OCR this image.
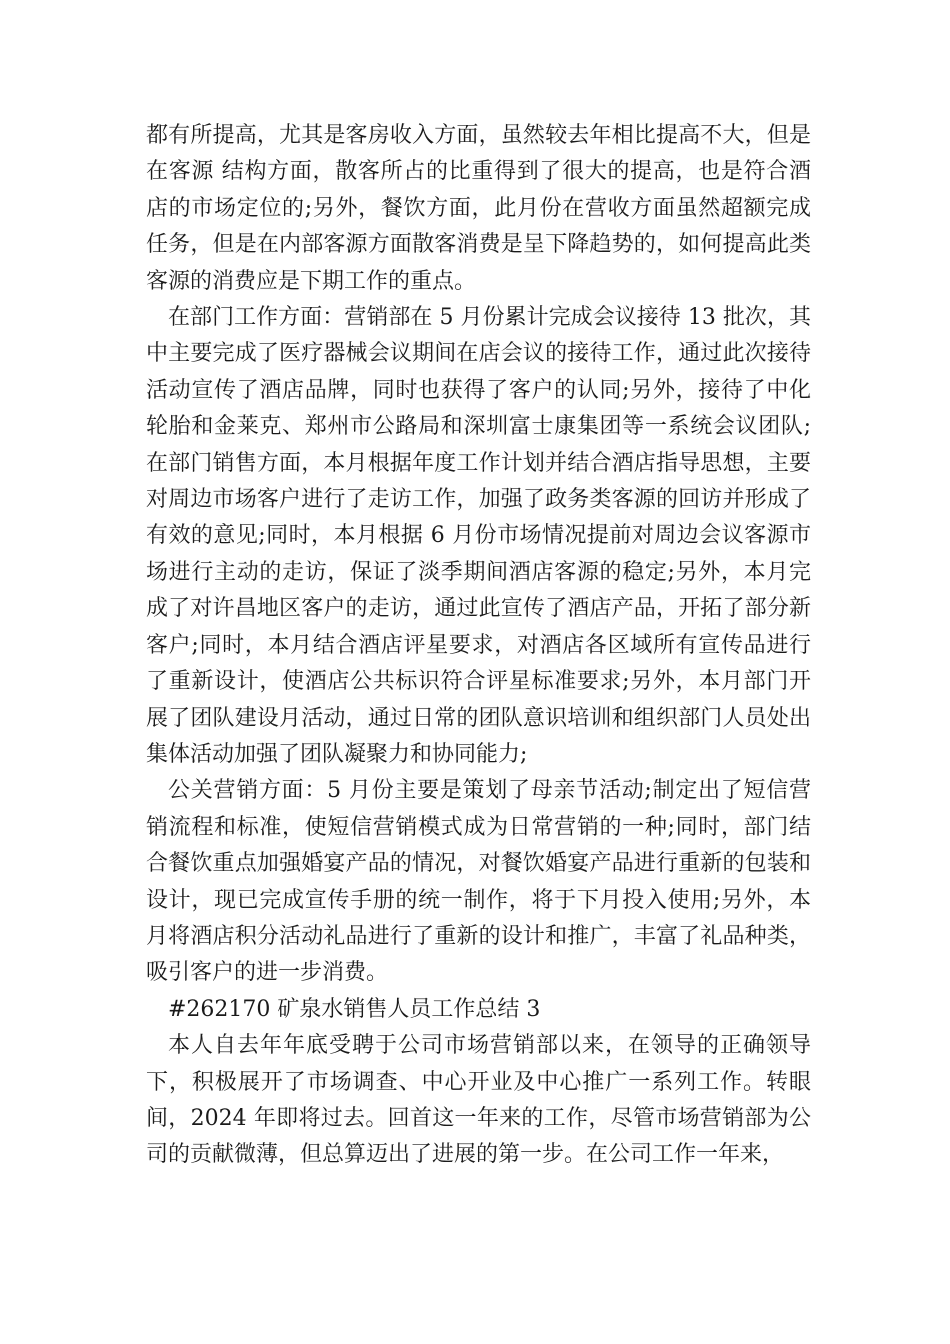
都有所提高，尤其是客房收入方面，虽然较去年相比提高不大，但是在客源 结构方面，散客所占的比重得到了很大的提高，也是符合酒店的市场定位的;另外，餐饮方面，此月份在营收方面虽然超额完成任务，但是在内部客源方面散客消费是呈下降趋势的，如何提高此类客源的消费应是下期工作的重点。

在部门工作方面：营销部在 5 月份累计完成会议接待 13 批次，其中主要完成了医疗器械会议期间在店会议的接待工作，通过此次接待活动宣传了酒店品牌，同时也获得了客户的认同;另外，接待了中化轮胎和金莱克、郑州市公路局和深圳富士康集团等一系统会议团队;在部门销售方面，本月根据年度工作计划并结合酒店指导思想，主要对周边市场客户进行了走访工作，加强了政务类客源的回访并形成了有效的意见;同时，本月根据 6 月份市场情况提前对周边会议客源市场进行主动的走访，保证了淡季期间酒店客源的稳定;另外，本月完成了对许昌地区客户的走访，通过此宣传了酒店产品，开拓了部分新客户;同时，本月结合酒店评星要求，对酒店各区域所有宣传品进行了重新设计，使酒店公共标识符合评星标准要求;另外，本月部门开展了团队建设月活动，通过日常的团队意识培训和组织部门人员处出集体活动加强了团队凝聚力和协同能力;

公关营销方面：5 月份主要是策划了母亲节活动;制定出了短信营销流程和标准，使短信营销模式成为日常营销的一种;同时，部门结合餐饮重点加强婚宴产品的情况，对餐饮婚宴产品进行重新的包装和设计，现已完成宣传手册的统一制作，将于下月投入使用;另外，本月将酒店积分活动礼品进行了重新的设计和推广，丰富了礼品种类，吸引客户的进一步消费。

#262170 矿泉水销售人员工作总结 3

本人自去年年底受聘于公司市场营销部以来，在领导的正确领导下，积极展开了市场调查、中心开业及中心推广一系列工作。转眼间，2024 年即将过去。回首这一年来的工作，尽管市场营销部为公司的贡献微薄，但总算迈出了进展的第一步。在公司工作一年来，
